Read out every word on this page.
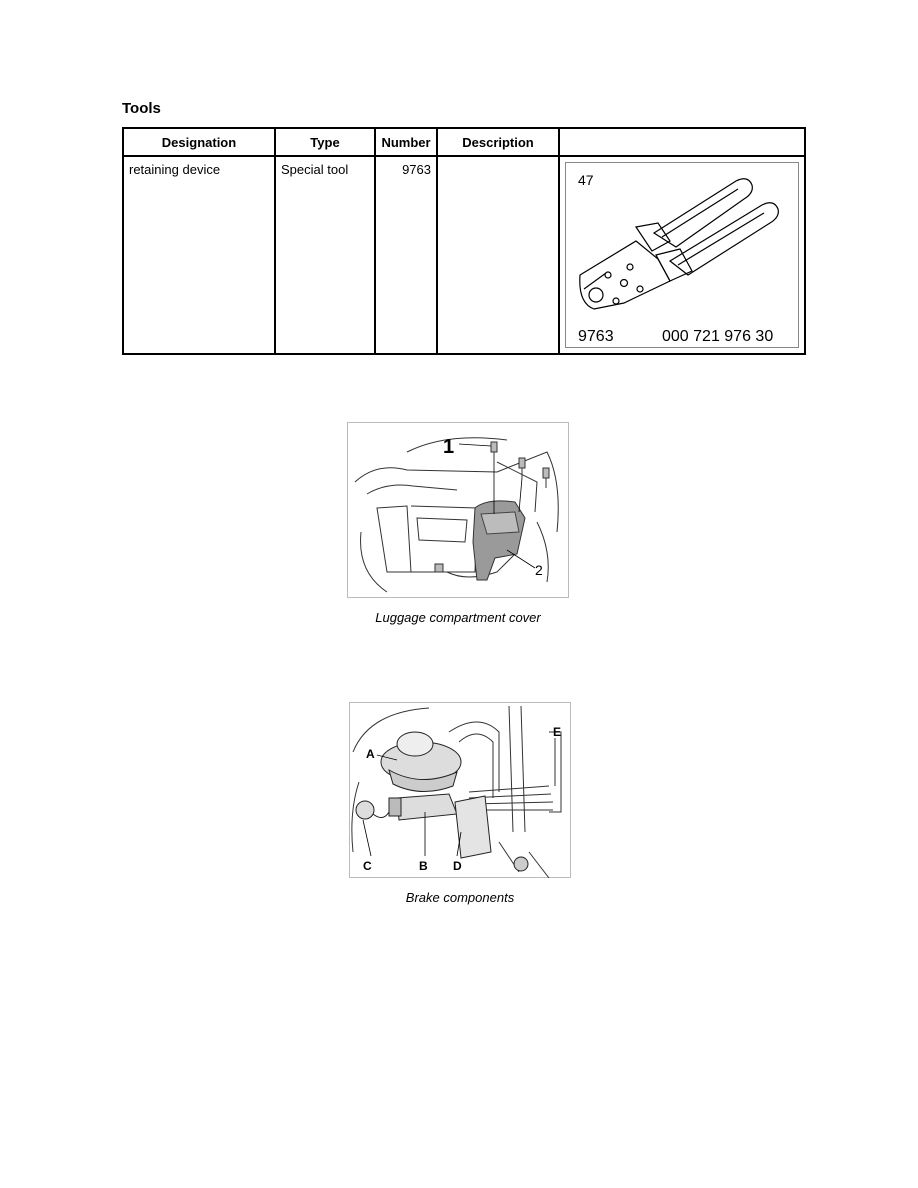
Tools
Designation	Type	Number	Description	
retaining device	Special tool	9763		47
9763 000 721 976 30
1
2
Luggage compartment cover
A
B
C	D
E
Brake components
